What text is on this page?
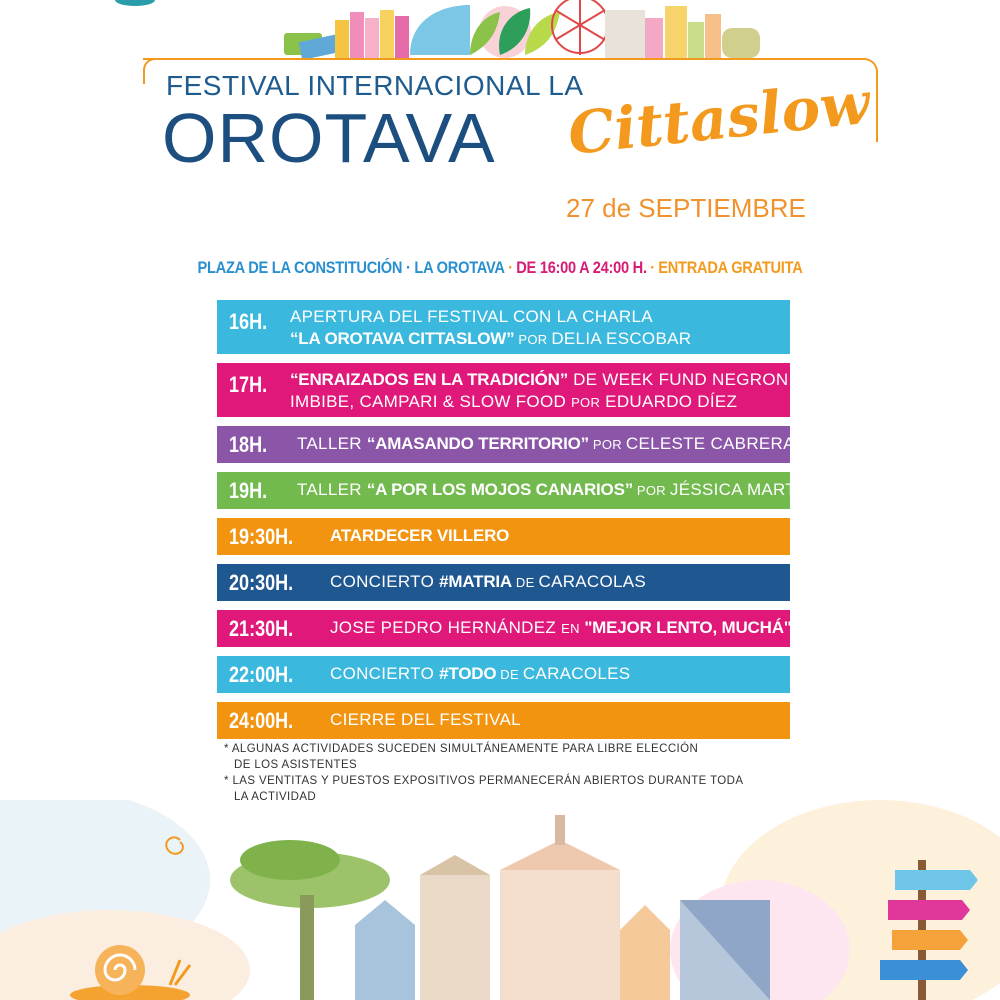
FESTIVAL INTERNACIONAL LA
OROTAVA Cittaslow
27 de SEPTIEMBRE
PLAZA DE LA CONSTITUCIÓN · LA OROTAVA · DE 16:00 A 24:00 H. · ENTRADA GRATUITA
16H. APERTURA DEL FESTIVAL CON LA CHARLA
“LA OROTAVA CITTASLOW” POR DELIA ESCOBAR
17H. “ENRAIZADOS EN LA TRADICIÓN” DE WEEK FUND NEGRONI,
IMBIBE, CAMPARI & SLOW FOOD POR EDUARDO DÍEZ
18H. TALLER “AMASANDO TERRITORIO” POR CELESTE CABRERA
19H. TALLER “A POR LOS MOJOS CANARIOS” POR JÉSSICA MARTÍN
19:30H. ATARDECER VILLERO
20:30H. CONCIERTO #MATRIA DE CARACOLAS
21:30H. JOSE PEDRO HERNÁNDEZ EN "MEJOR LENTO, MUCHÁ"
22:00H. CONCIERTO #TODO DE CARACOLES
24:00H. CIERRE DEL FESTIVAL
* ALGUNAS ACTIVIDADES SUCEDEN SIMULTÁNEAMENTE PARA LIBRE ELECCIÓN
DE LOS ASISTENTES
* LAS VENTITAS Y PUESTOS EXPOSITIVOS PERMANECERÁN ABIERTOS DURANTE TODA
LA ACTIVIDAD
